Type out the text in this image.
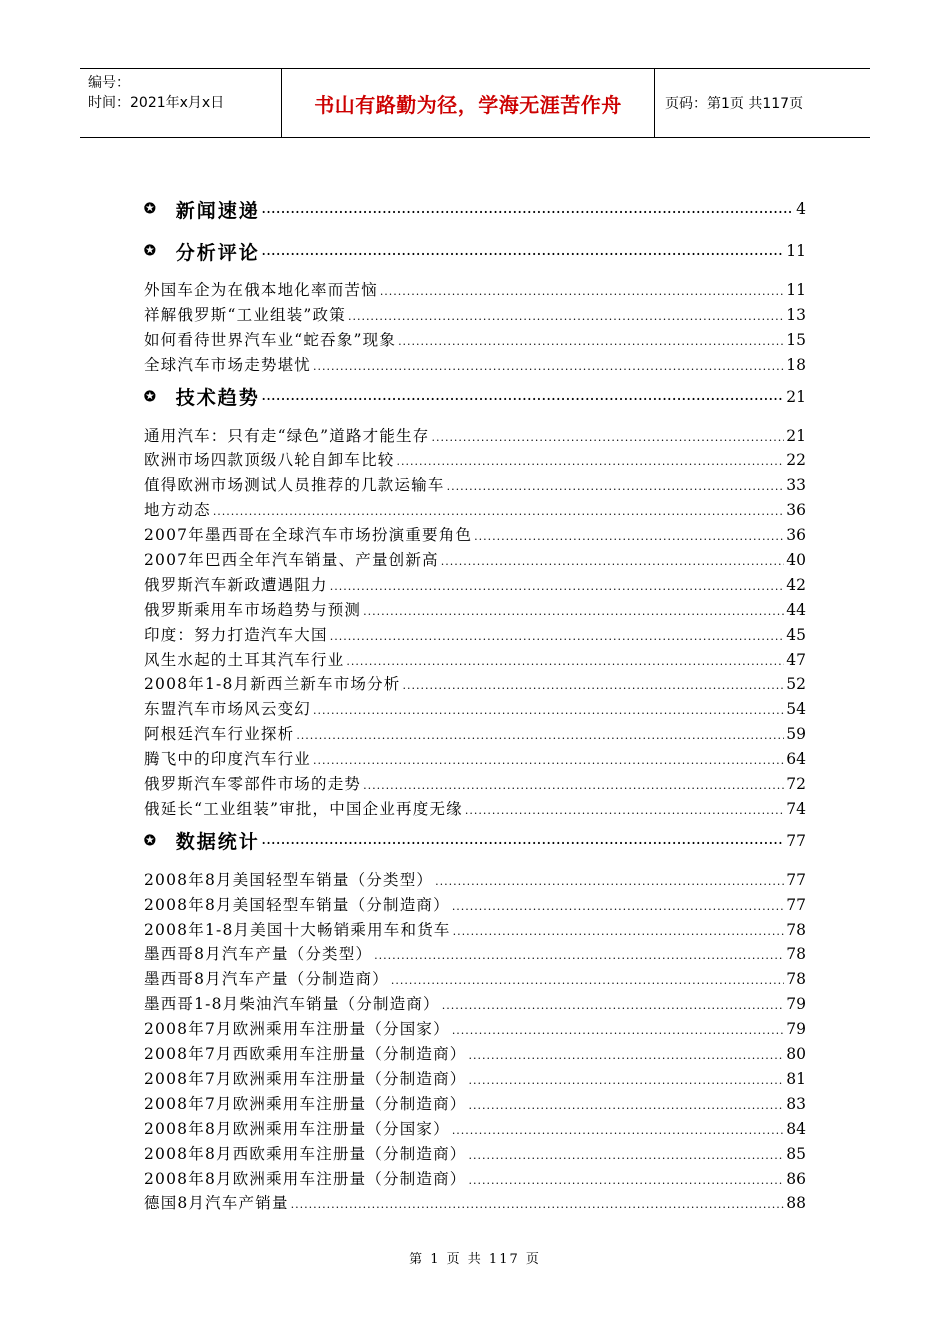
编号：
时间：2021年x月x日	书山有路勤为径，学海无涯苦作舟	页码：第1页 共117页
✪ 新闻速递 .....	4
✪ 分析评论 .....	11
外国车企为在俄本地化率而苦恼 .....	11
祥解俄罗斯“工业组装”政策 .....	13
如何看待世界汽车业“蛇吞象”现象 .....	15
全球汽车市场走势堪忧 .....	18
✪ 技术趋势 .....	21
通用汽车：只有走“绿色”道路才能生存 .....	21
欧洲市场四款顶级八轮自卸车比较 .....	22
值得欧洲市场测试人员推荐的几款运输车 .....	33
地方动态 .....	36
2007年墨西哥在全球汽车市场扮演重要角色 .....	36
2007年巴西全年汽车销量、产量创新高 .....	40
俄罗斯汽车新政遭遇阻力 .....	42
俄罗斯乘用车市场趋势与预测 .....	44
印度：努力打造汽车大国 .....	45
风生水起的土耳其汽车行业 .....	47
2008年1-8月新西兰新车市场分析 .....	52
东盟汽车市场风云变幻 .....	54
阿根廷汽车行业探析 .....	59
腾飞中的印度汽车行业 .....	64
俄罗斯汽车零部件市场的走势 .....	72
俄延长“工业组装”审批，中国企业再度无缘 .....	74
✪ 数据统计 .....	77
2008年8月美国轻型车销量（分类型） .....	77
2008年8月美国轻型车销量（分制造商） .....	77
2008年1-8月美国十大畅销乘用车和货车 .....	78
墨西哥8月汽车产量（分类型） .....	78
墨西哥8月汽车产量（分制造商） .....	78
墨西哥1-8月柴油汽车销量（分制造商） .....	79
2008年7月欧洲乘用车注册量（分国家） .....	79
2008年7月西欧乘用车注册量（分制造商） .....	80
2008年7月欧洲乘用车注册量（分制造商） .....	81
2008年7月欧洲乘用车注册量（分制造商） .....	83
2008年8月欧洲乘用车注册量（分国家） .....	84
2008年8月西欧乘用车注册量（分制造商） .....	85
2008年8月欧洲乘用车注册量（分制造商） .....	86
德国8月汽车产销量 .....	88
第 1 页 共 117 页
